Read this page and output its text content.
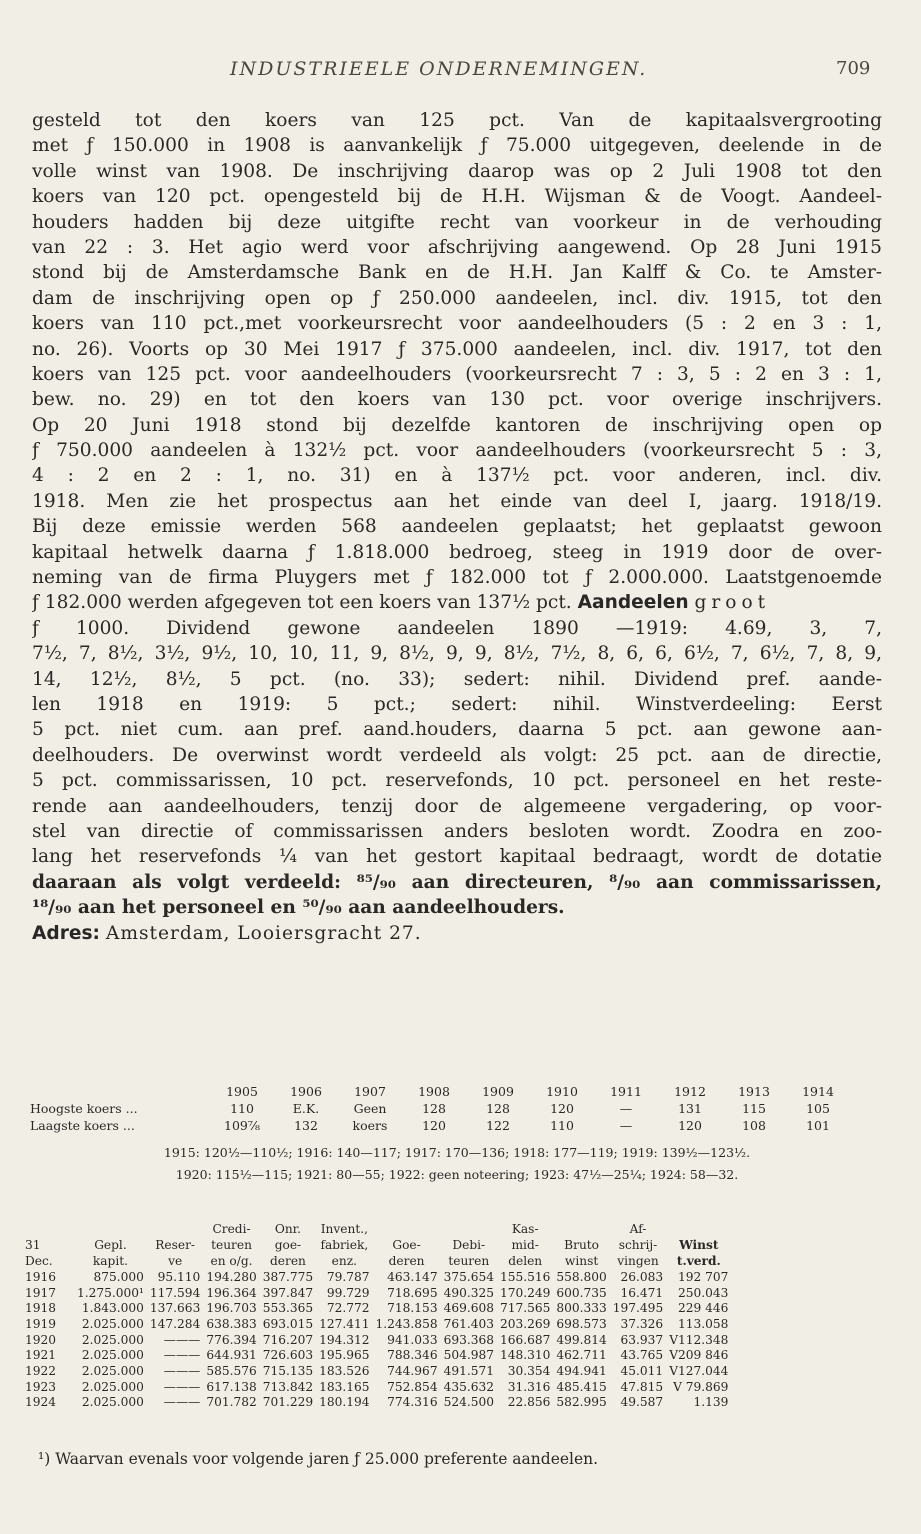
INDUSTRIEELE ONDERNEMINGEN.	709
gesteld tot den koers van 125 pct. Van de kapitaalsvergrooting
met ƒ 150.000 in 1908 is aanvankelijk ƒ 75.000 uitgegeven, deelende in de
volle winst van 1908. De inschrijving daarop was op 2 Juli 1908 tot den
koers van 120 pct. opengesteld bij de H.H. Wijsman & de Voogt. Aandeel-
houders hadden bij deze uitgifte recht van voorkeur in de verhouding
van 22 : 3. Het agio werd voor afschrijving aangewend. Op 28 Juni 1915
stond bij de Amsterdamsche Bank en de H.H. Jan Kalff & Co. te Amster-
dam de inschrijving open op ƒ 250.000 aandeelen, incl. div. 1915, tot den
koers van 110 pct.,met voorkeursrecht voor aandeelhouders (5 : 2 en 3 : 1,
no. 26). Voorts op 30 Mei 1917 ƒ 375.000 aandeelen, incl. div. 1917, tot den
koers van 125 pct. voor aandeelhouders (voorkeursrecht 7 : 3, 5 : 2 en 3 : 1,
bew. no. 29) en tot den koers van 130 pct. voor overige inschrijvers.
Op 20 Juni 1918 stond bij dezelfde kantoren de inschrijving open op
ƒ 750.000 aandeelen à 132½ pct. voor aandeelhouders (voorkeursrecht 5 : 3,
4 : 2 en 2 : 1, no. 31) en à 137½ pct. voor anderen, incl. div.
1918. Men zie het prospectus aan het einde van deel I, jaarg. 1918/19.
Bij deze emissie werden 568 aandeelen geplaatst; het geplaatst gewoon
kapitaal hetwelk daarna ƒ 1.818.000 bedroeg, steeg in 1919 door de over-
neming van de firma Pluygers met ƒ 182.000 tot ƒ 2.000.000. Laatstgenoemde
ƒ 182.000 werden afgegeven tot een koers van 137½ pct. Aandeelen groot
ƒ 1000. Dividend gewone aandeelen 1890 —1919: 4.69, 3, 7,
7½, 7, 8½, 3½, 9½, 10, 10, 11, 9, 8½, 9, 9, 8½, 7½, 8, 6, 6, 6½, 7, 6½, 7, 8, 9,
14, 12½, 8½, 5 pct. (no. 33); sedert: nihil. Dividend pref. aande-
len 1918 en 1919: 5 pct.; sedert: nihil. Winstverdeeling: Eerst
5 pct. niet cum. aan pref. aand.houders, daarna 5 pct. aan gewone aan-
deelhouders. De overwinst wordt verdeeld als volgt: 25 pct. aan de directie,
5 pct. commissarissen, 10 pct. reservefonds, 10 pct. personeel en het reste-
rende aan aandeelhouders, tenzij door de algemeene vergadering, op voor-
stel van directie of commissarissen anders besloten wordt. Zoodra en zoo-
lang het reservefonds ¼ van het gestort kapitaal bedraagt, wordt de dotatie
daaraan als volgt verdeeld: ⁸⁵/₉₀ aan directeuren, ⁸/₉₀ aan commissarissen,
¹⁸/₉₀ aan het personeel en ⁵⁰/₉₀ aan aandeelhouders.
Adres: Amsterdam, Looiersgracht 27.
	1905	1906	1907	1908	1909	1910	1911	1912	1913	1914
Hoogste koers ...	110	E.K.	Geen	128	128	120	—	131	115	105
Laagste koers ...	109⅞	132	koers	120	122	110	—	120	108	101
1915: 120½—110½; 1916: 140—117; 1917: 170—136; 1918: 177—119; 1919: 139½—123½.
1920: 115½—115; 1921: 80—55; 1922: geen noteering; 1923: 47½—25¼; 1924: 58—32.
			Credi-	Onr.	Invent.,			Kas-		Af-	
31	Gepl.	Reser-	teuren	goe-	fabriek,	Goe-	Debi-	mid-	Bruto	schrij-	Winst
Dec.	kapit.	ve	en o/g.	deren	enz.	deren	teuren	delen	winst	vingen	t.verd.
1916	875.000	95.110	194.280	387.775	79.787	463.147	375.654	155.516	558.800	26.083	192 707
1917	1.275.000¹	117.594	196.364	397.847	99.729	718.695	490.325	170.249	600.735	16.471	250.043
1918	1.843.000	137.663	196.703	553.365	72.772	718.153	469.608	717.565	800.333	197.495	229 446
1919	2.025.000	147.284	638.383	693.015	127.411	1.243.858	761.403	203.269	698.573	37.326	113.058
1920	2.025.000	———	776.394	716.207	194.312	941.033	693.368	166.687	499.814	63.937	V112.348
1921	2.025.000	———	644.931	726.603	195.965	788.346	504.987	148.310	462.711	43.765	V209 846
1922	2.025.000	———	585.576	715.135	183.526	744.967	491.571	30.354	494.941	45.011	V127.044
1923	2.025.000	———	617.138	713.842	183.165	752.854	435.632	31.316	485.415	47.815	V 79.869
1924	2.025.000	———	701.782	701.229	180.194	774.316	524.500	22.856	582.995	49.587	1.139
¹) Waarvan evenals voor volgende jaren ƒ 25.000 preferente aandeelen.
